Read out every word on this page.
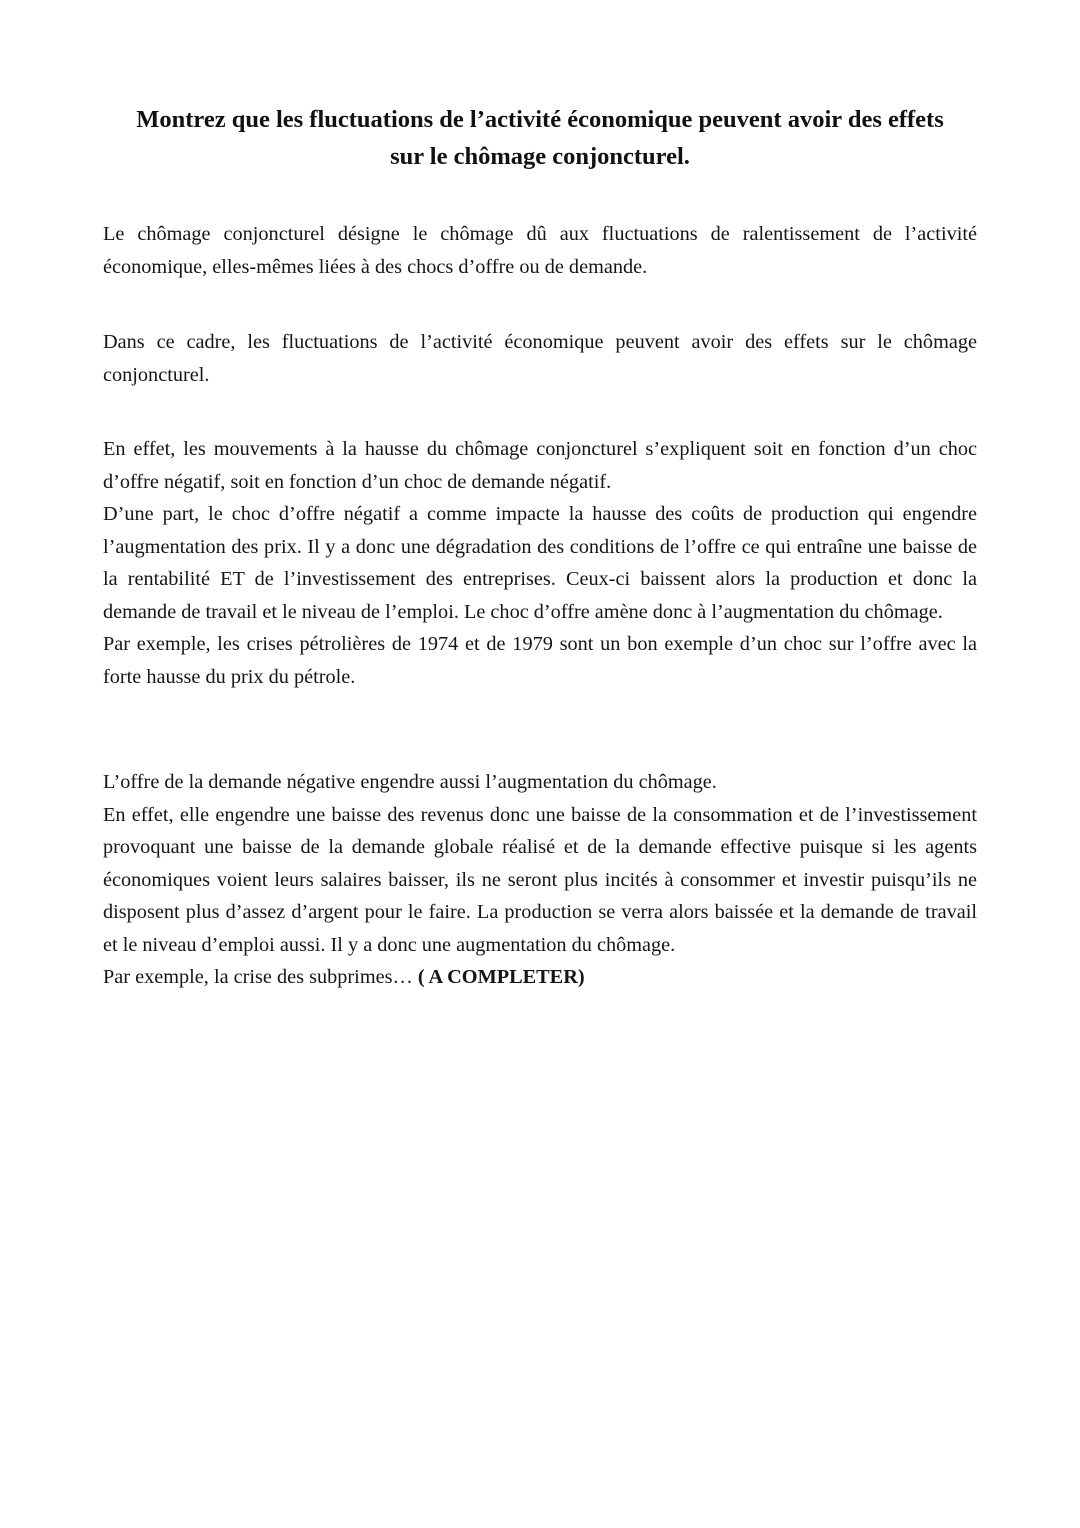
Montrez que les fluctuations de l’activité économique peuvent avoir des effets
sur le chômage conjoncturel.

Le chômage conjoncturel désigne le chômage dû aux fluctuations de ralentissement de l’activité économique, elles-mêmes liées à des chocs d’offre ou de demande.

Dans ce cadre, les fluctuations de l’activité économique peuvent avoir des effets sur le chômage conjoncturel.

En effet, les mouvements à la hausse du chômage conjoncturel s’expliquent soit en fonction d’un choc d’offre négatif, soit en fonction d’un choc de demande négatif.

D’une part, le choc d’offre négatif a comme impacte la hausse des coûts de production qui engendre l’augmentation des prix. Il y a donc une dégradation des conditions de l’offre ce qui entraîne une baisse de la rentabilité ET de l’investissement des entreprises. Ceux-ci baissent alors la production et donc la demande de travail et le niveau de l’emploi. Le choc d’offre amène donc à l’augmentation du chômage.

Par exemple, les crises pétrolières de 1974 et de 1979 sont un bon exemple d’un choc sur l’offre avec la forte hausse du prix du pétrole.

L’offre de la demande négative engendre aussi l’augmentation du chômage.

En effet, elle engendre une baisse des revenus donc une baisse de la consommation et de l’investissement provoquant une baisse de la demande globale réalisé et de la demande effective puisque si les agents économiques voient leurs salaires baisser, ils ne seront plus incités à consommer et investir puisqu’ils ne disposent plus d’assez d’argent pour le faire. La production se verra alors baissée et la demande de travail et le niveau d’emploi aussi. Il y a donc une augmentation du chômage.

Par exemple, la crise des subprimes… ( A COMPLETER)
